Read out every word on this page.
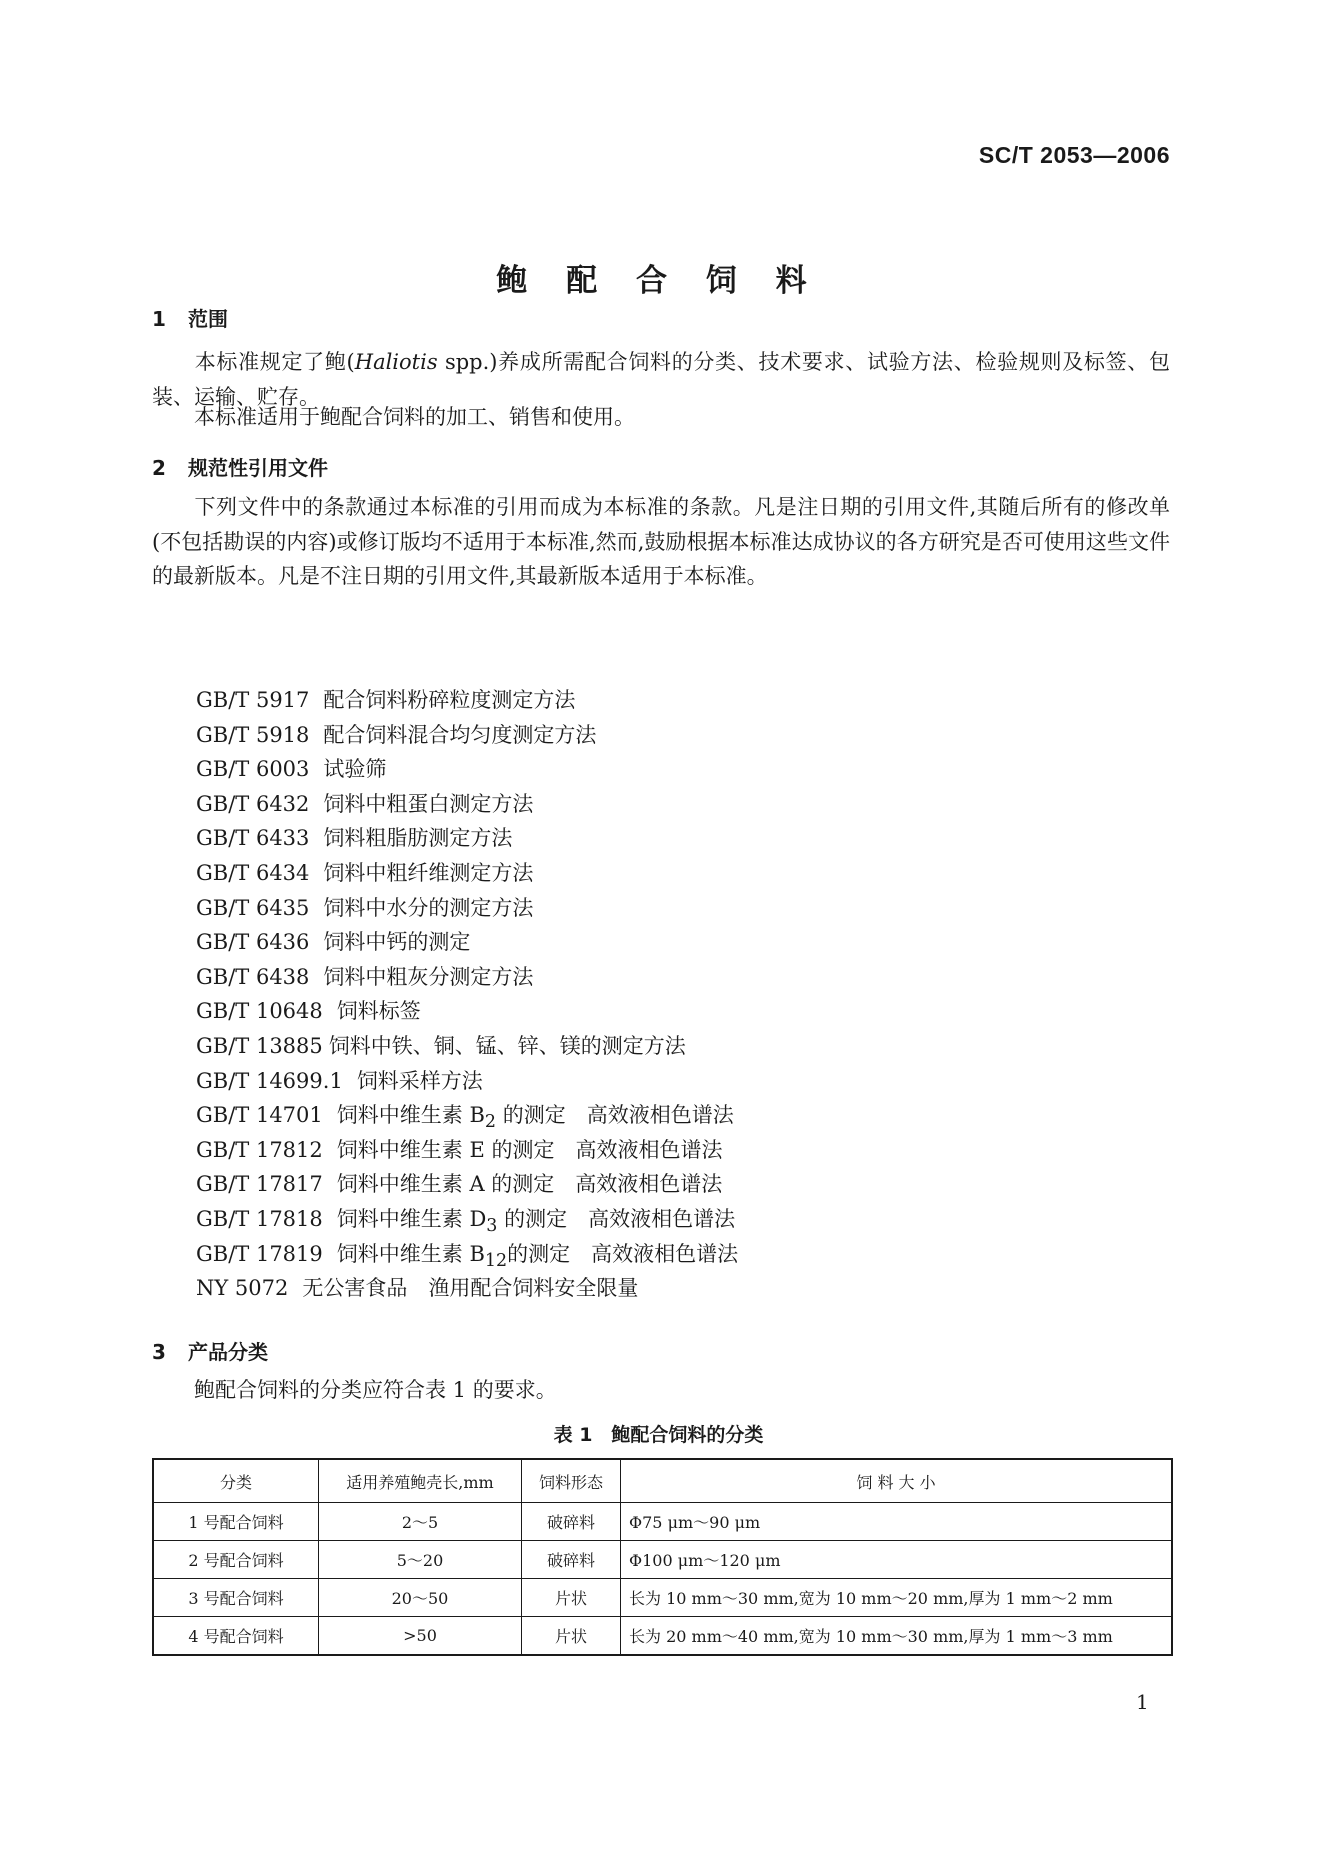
SC/T 2053—2006
鲍 配 合 饲 料
1 范围
本标准规定了鲍(Haliotis spp.)养成所需配合饲料的分类、技术要求、试验方法、检验规则及标签、包装、运输、贮存。
本标准适用于鲍配合饲料的加工、销售和使用。
2 规范性引用文件
下列文件中的条款通过本标准的引用而成为本标准的条款。凡是注日期的引用文件,其随后所有的修改单(不包括勘误的内容)或修订版均不适用于本标准,然而,鼓励根据本标准达成协议的各方研究是否可使用这些文件的最新版本。凡是不注日期的引用文件,其最新版本适用于本标准。
GB/T 5917 配合饲料粉碎粒度测定方法
GB/T 5918 配合饲料混合均匀度测定方法
GB/T 6003 试验筛
GB/T 6432 饲料中粗蛋白测定方法
GB/T 6433 饲料粗脂肪测定方法
GB/T 6434 饲料中粗纤维测定方法
GB/T 6435 饲料中水分的测定方法
GB/T 6436 饲料中钙的测定
GB/T 6438 饲料中粗灰分测定方法
GB/T 10648 饲料标签
GB/T 13885 饲料中铁、铜、锰、锌、镁的测定方法
GB/T 14699.1 饲料采样方法
GB/T 14701 饲料中维生素 $B_2$ 的测定　高效液相色谱法
GB/T 17812 饲料中维生素 E 的测定　高效液相色谱法
GB/T 17817 饲料中维生素 A 的测定　高效液相色谱法
GB/T 17818 饲料中维生素 $D_3$ 的测定　高效液相色谱法
GB/T 17819 饲料中维生素 $B_{12}$的测定　高效液相色谱法
NY 5072 无公害食品　渔用配合饲料安全限量
3 产品分类
鲍配合饲料的分类应符合表 1 的要求。
表 1　鲍配合饲料的分类
分类	适用养殖鲍壳长,mm	饲料形态	饲 料 大 小
1 号配合饲料	2～5	破碎料	Φ75 μm～90 μm
2 号配合饲料	5～20	破碎料	Φ100 μm～120 μm
3 号配合饲料	20～50	片状	长为 10 mm～30 mm,宽为 10 mm～20 mm,厚为 1 mm～2 mm
4 号配合饲料	>50	片状	长为 20 mm～40 mm,宽为 10 mm～30 mm,厚为 1 mm～3 mm
1
